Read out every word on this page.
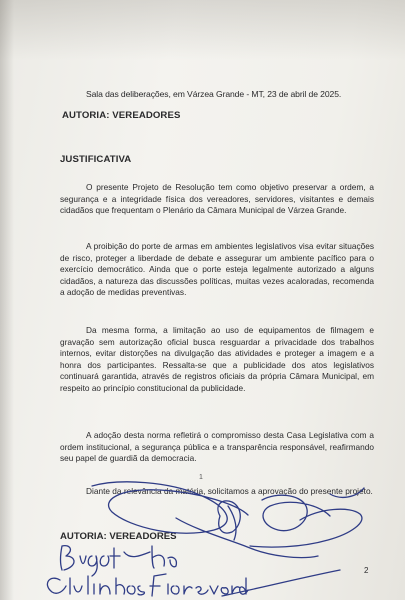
Sala das deliberações, em Várzea Grande - MT, 23 de abril de 2025.
AUTORIA: VEREADORES
JUSTIFICATIVA
O presente Projeto de Resolução tem como objetivo preservar a ordem, a segurança e a integridade física dos vereadores, servidores, visitantes e demais cidadãos que frequentam o Plenário da Câmara Municipal de Várzea Grande.
A proibição do porte de armas em ambientes legislativos visa evitar situações de risco, proteger a liberdade de debate e assegurar um ambiente pacífico para o exercício democrático. Ainda que o porte esteja legalmente autorizado a alguns cidadãos, a natureza das discussões políticas, muitas vezes acaloradas, recomenda a adoção de medidas preventivas.
Da mesma forma, a limitação ao uso de equipamentos de filmagem e gravação sem autorização oficial busca resguardar a privacidade dos trabalhos internos, evitar distorções na divulgação das atividades e proteger a imagem e a honra dos participantes. Ressalta-se que a publicidade dos atos legislativos continuará garantida, através de registros oficiais da própria Câmara Municipal, em respeito ao princípio constitucional da publicidade.
A adoção desta norma refletirá o compromisso desta Casa Legislativa com a ordem institucional, a segurança pública e a transparência responsável, reafirmando seu papel de guardiã da democracia.
1
Diante da relevância da matéria, solicitamos a aprovação do presente projeto.
AUTORIA: VEREADORES
2
